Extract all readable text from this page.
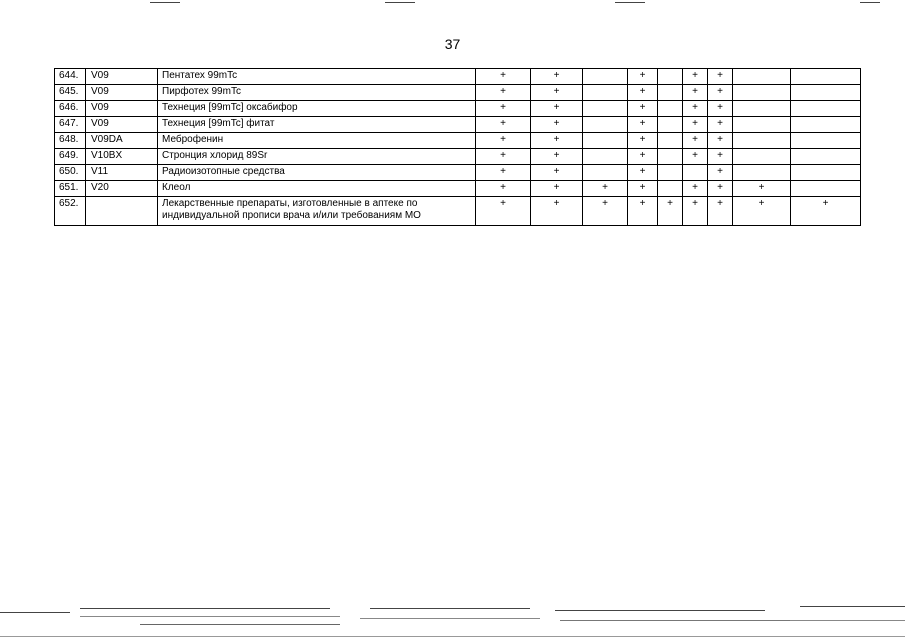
37
644.	V09	Пентатех 99mTc	+	+		+		+	+		
645.	V09	Пирфотех 99mTc	+	+		+		+	+		
646.	V09	Технеция [99mTc] оксабифор	+	+		+		+	+		
647.	V09	Технеция [99mTc] фитат	+	+		+		+	+		
648.	V09DA	Меброфенин	+	+		+		+	+		
649.	V10BX	Стронция хлорид 89Sr	+	+		+		+	+		
650.	V11	Радиоизотопные средства	+	+		+			+		
651.	V20	Клеол	+	+	+	+		+	+	+	
652.		Лекарственные препараты, изготовленные в аптеке по индивидуальной прописи врача и/или требованиям МО	+	+	+	+	+	+	+	+	+
